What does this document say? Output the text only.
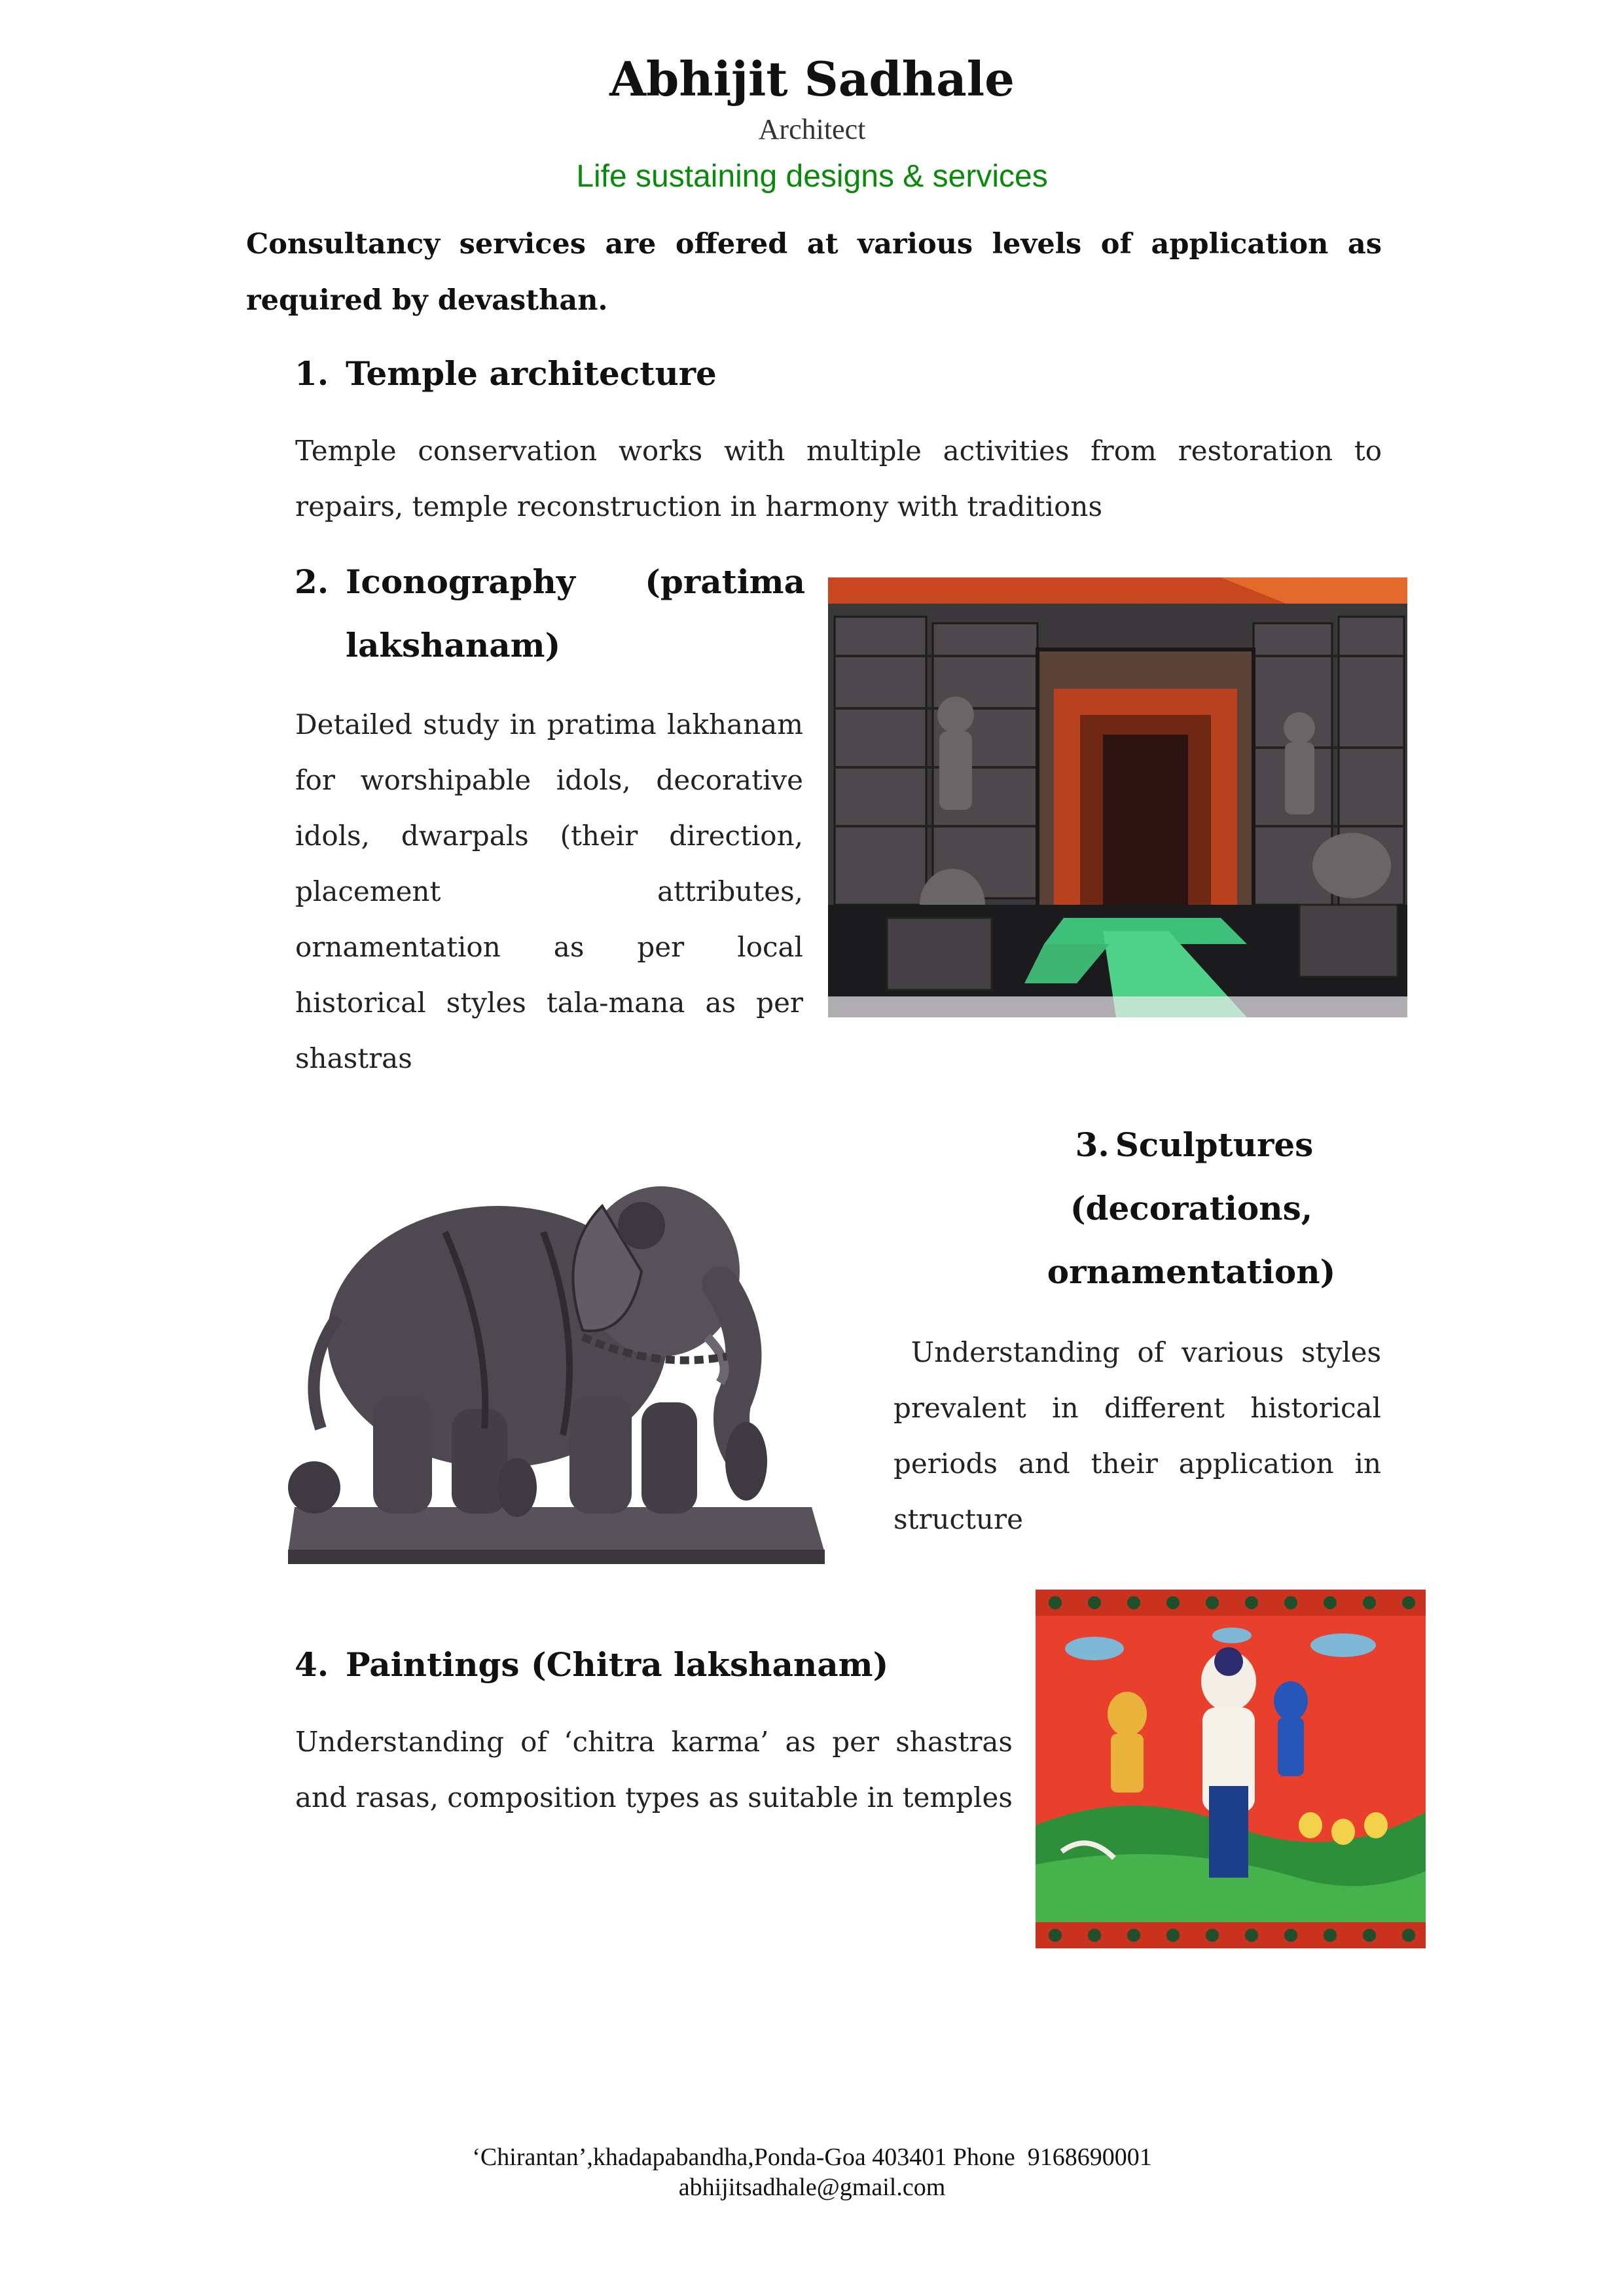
Abhijit Sadhale
Architect
Life sustaining designs & services

Consultancy services are offered at various levels of application as required by devasthan.

1. Temple architecture

Temple conservation works with multiple activities from restoration to repairs, temple reconstruction in harmony with traditions

2. Iconography (pratima
lakshanam)

Detailed study in pratima lakhanam for worshipable idols, decorative idols, dwarpals (their direction, placement attributes, ornamentation as per local historical styles tala-mana as per shastras

3. Sculptures
(decorations,
ornamentation)

Understanding of various styles prevalent in different historical periods and their application in structure

4. Paintings (Chitra lakshanam)

Understanding of ‘chitra karma’ as per shastras and rasas, composition types as suitable in temples

‘Chirantan’,khadapabandha,Ponda-Goa 403401 Phone  9168690001
abhijitsadhale@gmail.com
